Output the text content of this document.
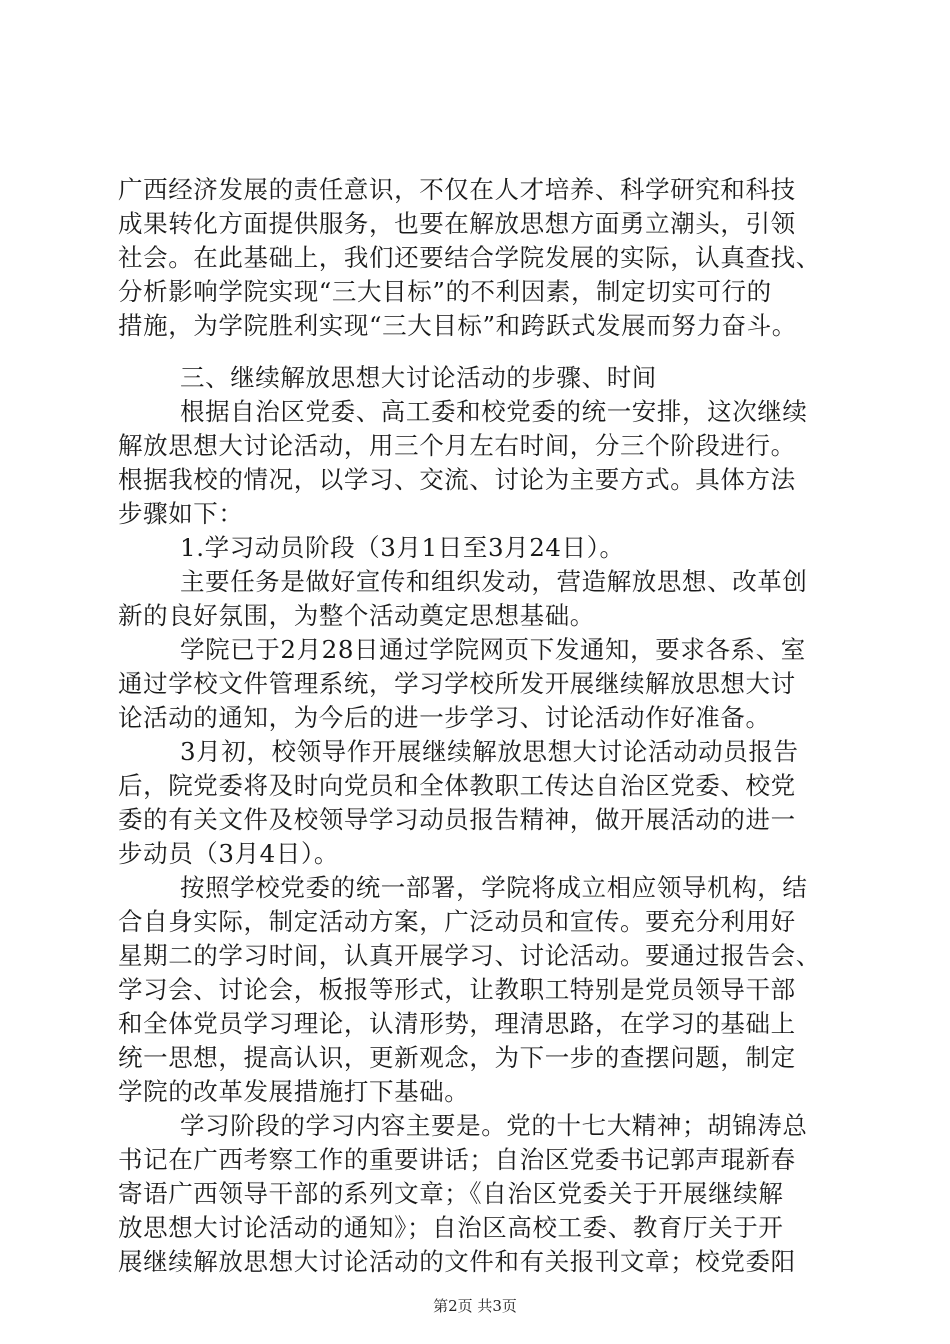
广西经济发展的责任意识，不仅在人才培养、科学研究和科技
成果转化方面提供服务，也要在解放思想方面勇立潮头，引领
社会。在此基础上，我们还要结合学院发展的实际，认真查找、
分析影响学院实现“三大目标”的不利因素，制定切实可行的
措施，为学院胜利实现“三大目标”和跨跃式发展而努力奋斗。
三、继续解放思想大讨论活动的步骤、时间
根据自治区党委、高工委和校党委的统一安排，这次继续
解放思想大讨论活动，用三个月左右时间，分三个阶段进行。
根据我校的情况，以学习、交流、讨论为主要方式。具体方法
步骤如下：
1.学习动员阶段（3月1日至3月24日）。
主要任务是做好宣传和组织发动，营造解放思想、改革创
新的良好氛围，为整个活动奠定思想基础。
学院已于2月28日通过学院网页下发通知，要求各系、室
通过学校文件管理系统，学习学校所发开展继续解放思想大讨
论活动的通知，为今后的进一步学习、讨论活动作好准备。
3月初，校领导作开展继续解放思想大讨论活动动员报告
后，院党委将及时向党员和全体教职工传达自治区党委、校党
委的有关文件及校领导学习动员报告精神，做开展活动的进一
步动员（3月4日）。
按照学校党委的统一部署，学院将成立相应领导机构，结
合自身实际，制定活动方案，广泛动员和宣传。要充分利用好
星期二的学习时间，认真开展学习、讨论活动。要通过报告会、
学习会、讨论会，板报等形式，让教职工特别是党员领导干部
和全体党员学习理论，认清形势，理清思路，在学习的基础上
统一思想，提高认识，更新观念，为下一步的查摆问题，制定
学院的改革发展措施打下基础。
学习阶段的学习内容主要是。党的十七大精神；胡锦涛总
书记在广西考察工作的重要讲话；自治区党委书记郭声琨新春
寄语广西领导干部的系列文章；《自治区党委关于开展继续解
放思想大讨论活动的通知》；自治区高校工委、教育厅关于开
展继续解放思想大讨论活动的文件和有关报刊文章；校党委阳
第2页 共3页
